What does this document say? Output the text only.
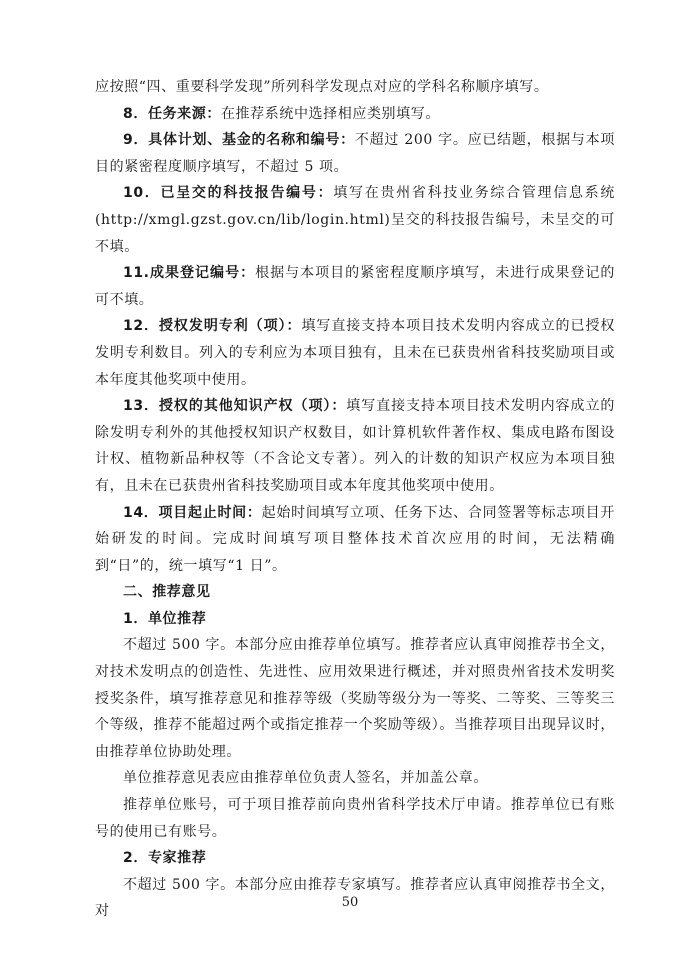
应按照“四、重要科学发现”所列科学发现点对应的学科名称顺序填写。

8．任务来源：在推荐系统中选择相应类别填写。

9．具体计划、基金的名称和编号：不超过 200 字。应已结题，根据与本项目的紧密程度顺序填写，不超过 5 项。

10．已呈交的科技报告编号：填写在贵州省科技业务综合管理信息系统(http://xmgl.gzst.gov.cn/lib/login.html)呈交的科技报告编号，未呈交的可不填。

11.成果登记编号：根据与本项目的紧密程度顺序填写，未进行成果登记的可不填。

12．授权发明专利（项）：填写直接支持本项目技术发明内容成立的已授权发明专利数目。列入的专利应为本项目独有，且未在已获贵州省科技奖励项目或本年度其他奖项中使用。

13．授权的其他知识产权（项）：填写直接支持本项目技术发明内容成立的除发明专利外的其他授权知识产权数目，如计算机软件著作权、集成电路布图设计权、植物新品种权等（不含论文专著）。列入的计数的知识产权应为本项目独有，且未在已获贵州省科技奖励项目或本年度其他奖项中使用。

14．项目起止时间：起始时间填写立项、任务下达、合同签署等标志项目开始研发的时间。完成时间填写项目整体技术首次应用的时间，无法精确到“日”的，统一填写“1 日”。

二、推荐意见

1．单位推荐

不超过 500 字。本部分应由推荐单位填写。推荐者应认真审阅推荐书全文，对技术发明点的创造性、先进性、应用效果进行概述，并对照贵州省技术发明奖授奖条件，填写推荐意见和推荐等级（奖励等级分为一等奖、二等奖、三等奖三个等级，推荐不能超过两个或指定推荐一个奖励等级）。当推荐项目出现异议时，由推荐单位协助处理。

单位推荐意见表应由推荐单位负责人签名，并加盖公章。

推荐单位账号，可于项目推荐前向贵州省科学技术厅申请。推荐单位已有账号的使用已有账号。

2．专家推荐

不超过 500 字。本部分应由推荐专家填写。推荐者应认真审阅推荐书全文，对

50
